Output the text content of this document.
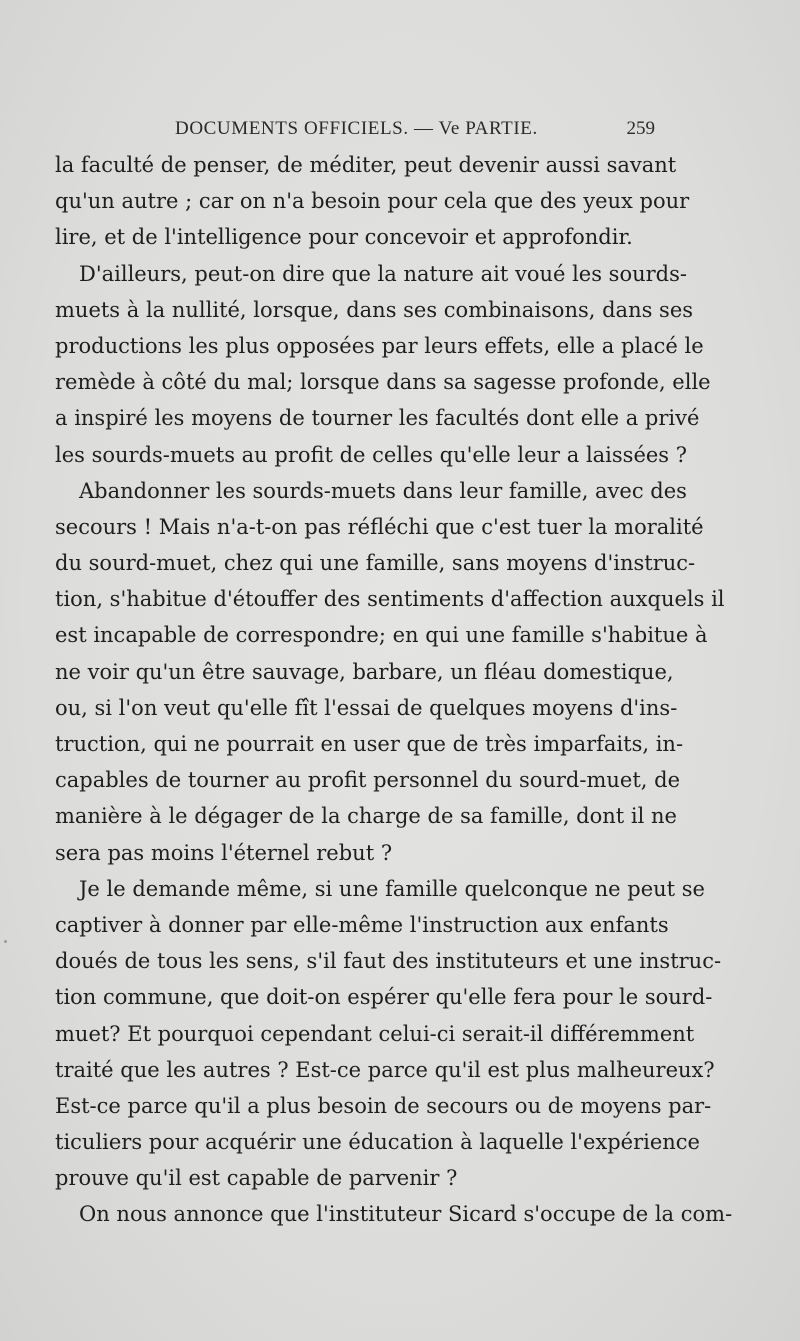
DOCUMENTS OFFICIELS. — Ve PARTIE.	259
la faculté de penser, de méditer, peut devenir aussi savant
qu'un autre ; car on n'a besoin pour cela que des yeux pour
lire, et de l'intelligence pour concevoir et approfondir.
D'ailleurs, peut-on dire que la nature ait voué les sourds-
muets à la nullité, lorsque, dans ses combinaisons, dans ses
productions les plus opposées par leurs effets, elle a placé le
remède à côté du mal; lorsque dans sa sagesse profonde, elle
a inspiré les moyens de tourner les facultés dont elle a privé
les sourds-muets au profit de celles qu'elle leur a laissées ?
Abandonner les sourds-muets dans leur famille, avec des
secours ! Mais n'a-t-on pas réfléchi que c'est tuer la moralité
du sourd-muet, chez qui une famille, sans moyens d'instruc-
tion, s'habitue d'étouffer des sentiments d'affection auxquels il
est incapable de correspondre; en qui une famille s'habitue à
ne voir qu'un être sauvage, barbare, un fléau domestique,
ou, si l'on veut qu'elle fît l'essai de quelques moyens d'ins-
truction, qui ne pourrait en user que de très imparfaits, in-
capables de tourner au profit personnel du sourd-muet, de
manière à le dégager de la charge de sa famille, dont il ne
sera pas moins l'éternel rebut ?
Je le demande même, si une famille quelconque ne peut se
captiver à donner par elle-même l'instruction aux enfants
doués de tous les sens, s'il faut des instituteurs et une instruc-
tion commune, que doit-on espérer qu'elle fera pour le sourd-
muet? Et pourquoi cependant celui-ci serait-il différemment
traité que les autres ? Est-ce parce qu'il est plus malheureux?
Est-ce parce qu'il a plus besoin de secours ou de moyens par-
ticuliers pour acquérir une éducation à laquelle l'expérience
prouve qu'il est capable de parvenir ?
On nous annonce que l'instituteur Sicard s'occupe de la com-
